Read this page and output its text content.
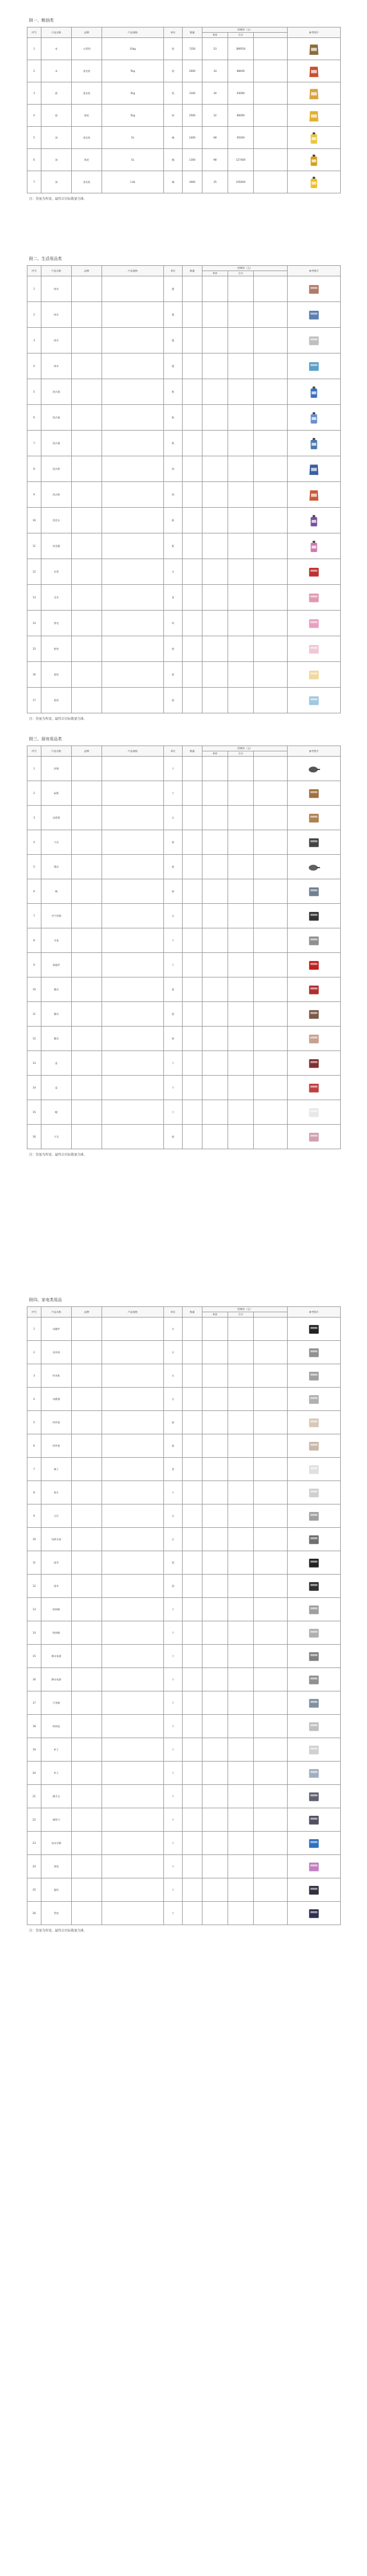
附一、粮油类
序号	产品名称	品牌	产品规格	单位	数量	控制价（元）			参考图片
						单价	合计		
1	米	五得利	10kg	袋	7350	53	389550		

2	米	金龙鱼	5kg	袋	2600	34	88400		

3	面	金龙鱼	5kg	袋	3100	30	93000		

4	面	鲁花	5kg	袋	2500	32	80000		

5	油	金龙鱼	5L	桶	1400	68	95200		

6	油	鲁花	5L	桶	1300	98	127400		

7	油	金龙鱼	1.8L	桶	3000	35	105000		
注：货量为所需，最终以实际数量为准。
附二、生活用品类
序号	产品名称	品牌	产品规格	单位	数量	控制价（元）			参考图片
						单价	合计		
1	纸巾			提					

2	纸巾			提					

3	纸巾			提					

4	纸巾			提					

5	洗衣液			瓶					

6	洗衣液			瓶					

7	洗衣液			瓶					

8	洗衣粉			袋					

9	洗衣粉			袋					

10	洗发水			瓶					

11	沐浴露			瓶					

12	牙膏			支					

13	毛巾			条					

14	香皂			块					

15	套装			套					

16	套装			套					

17	套装			套					
注：货量为所需，最终以实际数量为准。
附三、厨房用品类
序号	产品名称	品牌	产品规格	单位	数量	控制价（元）			参考图片
						单价	合计		
1	炒锅			个					

2	砧板			个					

3	电饭煲			台					

4	刀具			套					

5	锅具			套					

6	碗			套					

7	空气炸锅			台					

8	水壶			个					

9	保温杯			个					

10	餐具			套					

11	餐具			套					

12	餐具			套					

13	盒			个					

14	盒			个					

15	帽			个					

16	刀叉			套					
注：货量为所需，最终以实际数量为准。
附四、家电类用品
序号	产品名称	品牌	产品规格	单位	数量	控制价（元）			参考图片
						单价	合计		
1	电磁炉			台					

2	电风扇			台					

3	吹风机			台					

4	电暖器			台					

5	四件套			套					

6	四件套			套					

7	被子			条					

8	枕头			个					

9	台灯			台					

10	电热水壶			台					

11	雨伞			把					

12	雨伞			把					

13	收纳箱			个					

14	收纳箱			个					

15	移动电源			个					

16	移动电源			个					

17	行李箱			个					

18	收纳盒			个					

19	杯子			个					

20	杯子			个					

21	暖手宝			个					

22	剃须刀			个					

23	电动牙刷			个					

24	香氛			个					

25	鼠标			个					

26	背包			个					
注：货量为所需，最终以实际数量为准。
